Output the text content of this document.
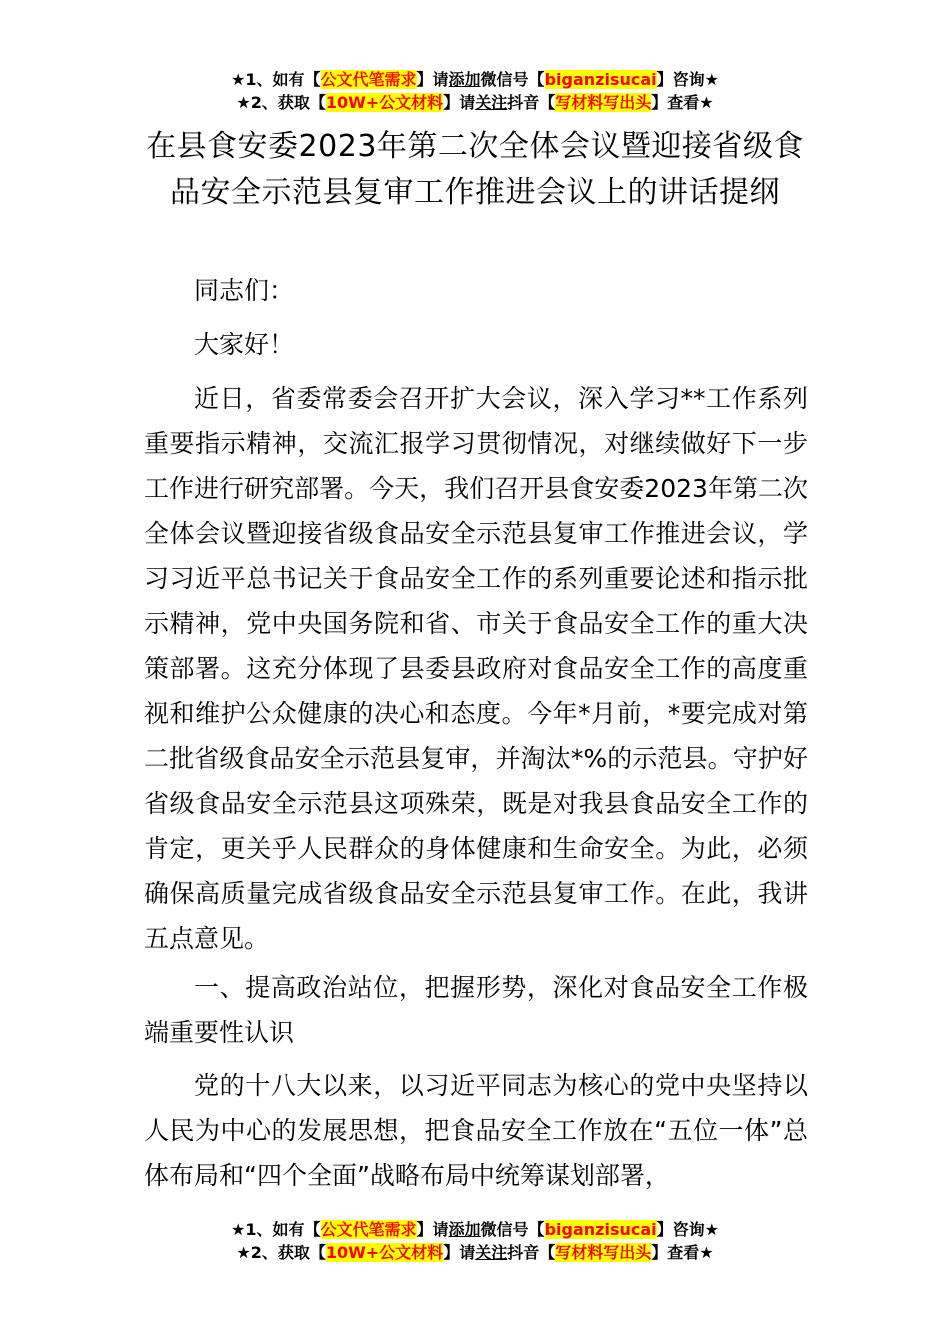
★1、如有【公文代笔需求】请添加微信号【biganzisucai】咨询★
★2、获取【10W+公文材料】请关注抖音【写材料写出头】查看★
在县食安委2023年第二次全体会议暨迎接省级食品安全示范县复审工作推进会议上的讲话提纲

同志们：

大家好！

近日，省委常委会召开扩大会议，深入学习**工作系列重要指示精神，交流汇报学习贯彻情况，对继续做好下一步工作进行研究部署。今天，我们召开县食安委2023年第二次全体会议暨迎接省级食品安全示范县复审工作推进会议，学习习近平总书记关于食品安全工作的系列重要论述和指示批示精神，党中央国务院和省、市关于食品安全工作的重大决策部署。这充分体现了县委县政府对食品安全工作的高度重视和维护公众健康的决心和态度。今年*月前，*要完成对第二批省级食品安全示范县复审，并淘汰*%的示范县。守护好省级食品安全示范县这项殊荣，既是对我县食品安全工作的肯定，更关乎人民群众的身体健康和生命安全。为此，必须确保高质量完成省级食品安全示范县复审工作。在此，我讲五点意见。

一、提高政治站位，把握形势，深化对食品安全工作极端重要性认识

党的十八大以来，以习近平同志为核心的党中央坚持以人民为中心的发展思想，把食品安全工作放在“五位一体”总体布局和“四个全面”战略布局中统筹谋划部署，

★1、如有【公文代笔需求】请添加微信号【biganzisucai】咨询★
★2、获取【10W+公文材料】请关注抖音【写材料写出头】查看★
